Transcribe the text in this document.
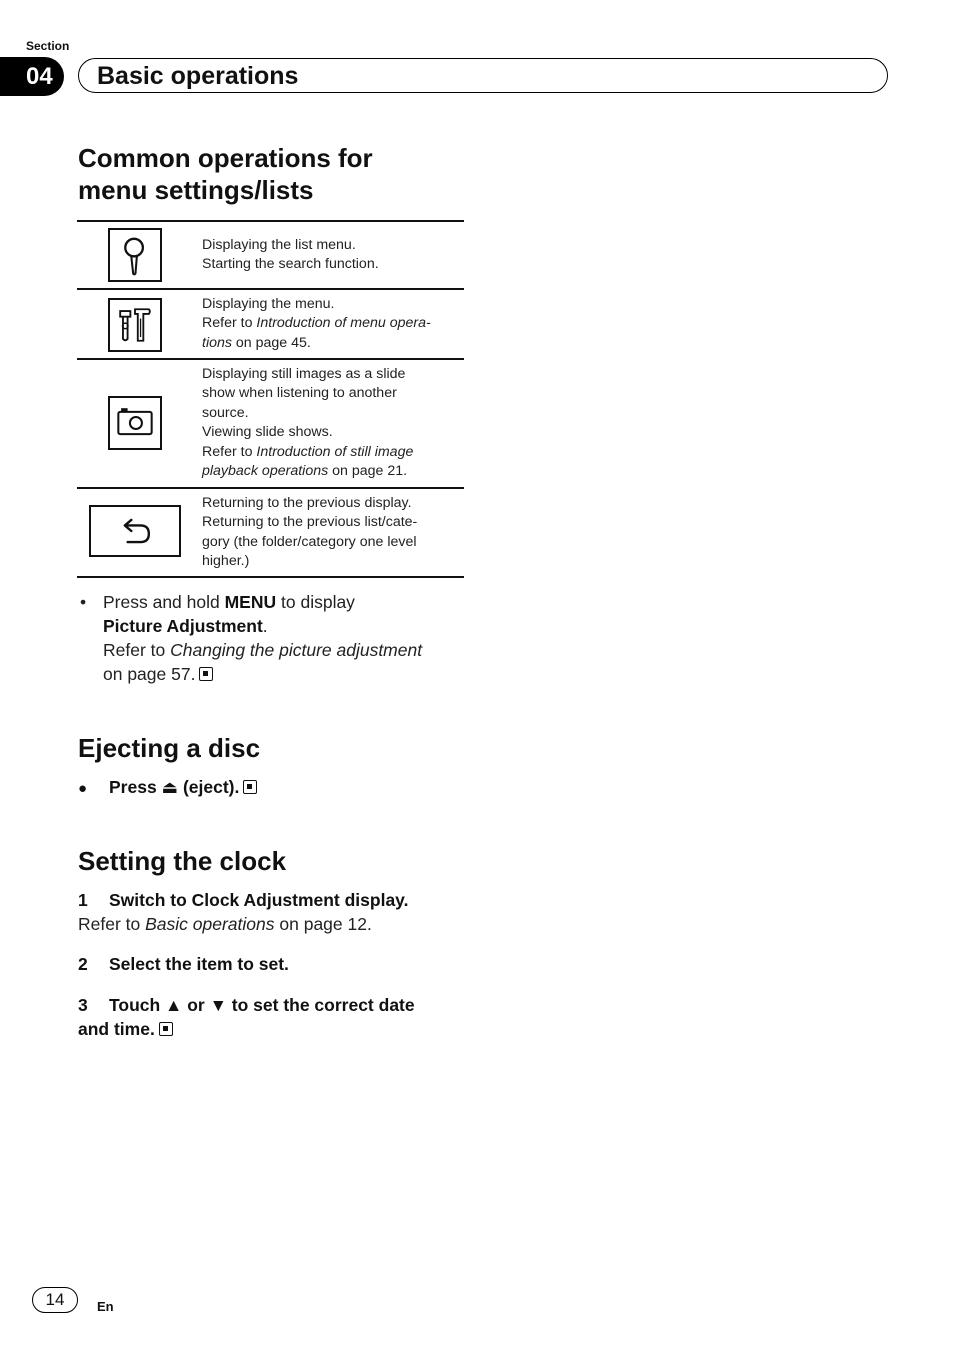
Section
04	Basic operations
Common operations for
menu settings/lists
Displaying the list menu.
Starting the search function.
Displaying the menu.
Refer to Introduction of menu opera-
tions on page 45.
Displaying still images as a slide
show when listening to another
source.
Viewing slide shows.
Refer to Introduction of still image
playback operations on page 21.
Returning to the previous display.
Returning to the previous list/cate-
gory (the folder/category one level
higher.)
• Press and hold MENU to display
Picture Adjustment.
Refer to Changing the picture adjustment
on page 57.
Ejecting a disc
● Press ⏏ (eject).
Setting the clock
1 Switch to Clock Adjustment display.
Refer to Basic operations on page 12.
2 Select the item to set.
3 Touch ▲ or ▼ to set the correct date
and time.
14	En
